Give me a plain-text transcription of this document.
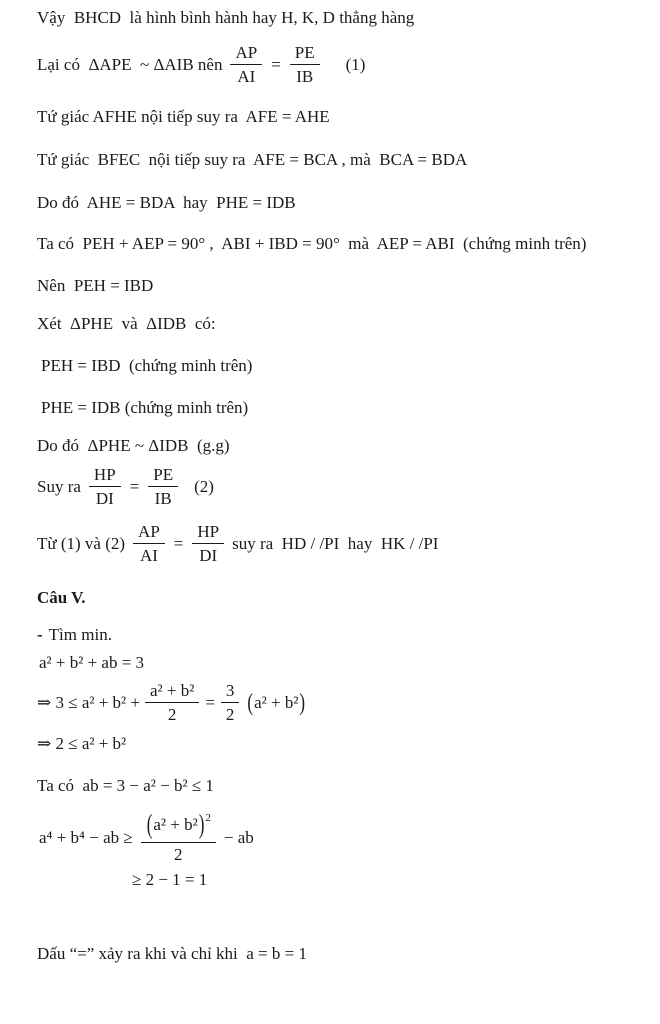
Vậy  BHCD  là hình bình hành hay H, K, D thẳng hàng

Lại có  ΔAPE  ~ ΔAIB nên $\frac{AP}{AI} = \frac{PE}{IB} (1)$

Tứ giác AFHE nội tiếp suy ra  AFE = AHE

Tứ giác  BFEC  nội tiếp suy ra  AFE = BCA , mà  BCA = BDA

Do đó  AHE = BDA  hay  PHE = IDB

Ta có  PEH + AEP = 90° ,  ABI + IBD = 90°  mà  AEP = ABI  (chứng minh trên)

Nên  PEH = IBD

Xét  ΔPHE  và  ΔIDB  có:

PEH = IBD  (chứng minh trên)

PHE = IDB (chứng minh trên)

Do đó  ΔPHE ~ ΔIDB  (g.g)

Suy ra $\frac{HP}{DI} = \frac{PE}{IB} (2)$
Từ (1) và $(2) \frac{AP}{AI} = \frac{HP}{DI}$ suy ra  HD / /PI  hay  HK / /PI

Câu V.

- Tìm min.

a² + b² + ab = 3

⇒ $3 \le a^2 + b^2 + \frac{\text{a² + b²}}{2} = \frac{3}{2}$ ( a² + b² )

⇒ 2 ≤ a² + b²

Ta có  ab = 3 − a² − b² ≤ 1

a⁴ + b⁴ − ab ≥ $\frac{(a^2 + b^2)^2}{2}$ − ab

≥ 2 − 1 = 1

Dấu “=” xảy ra khi và chỉ khi  a = b = 1
